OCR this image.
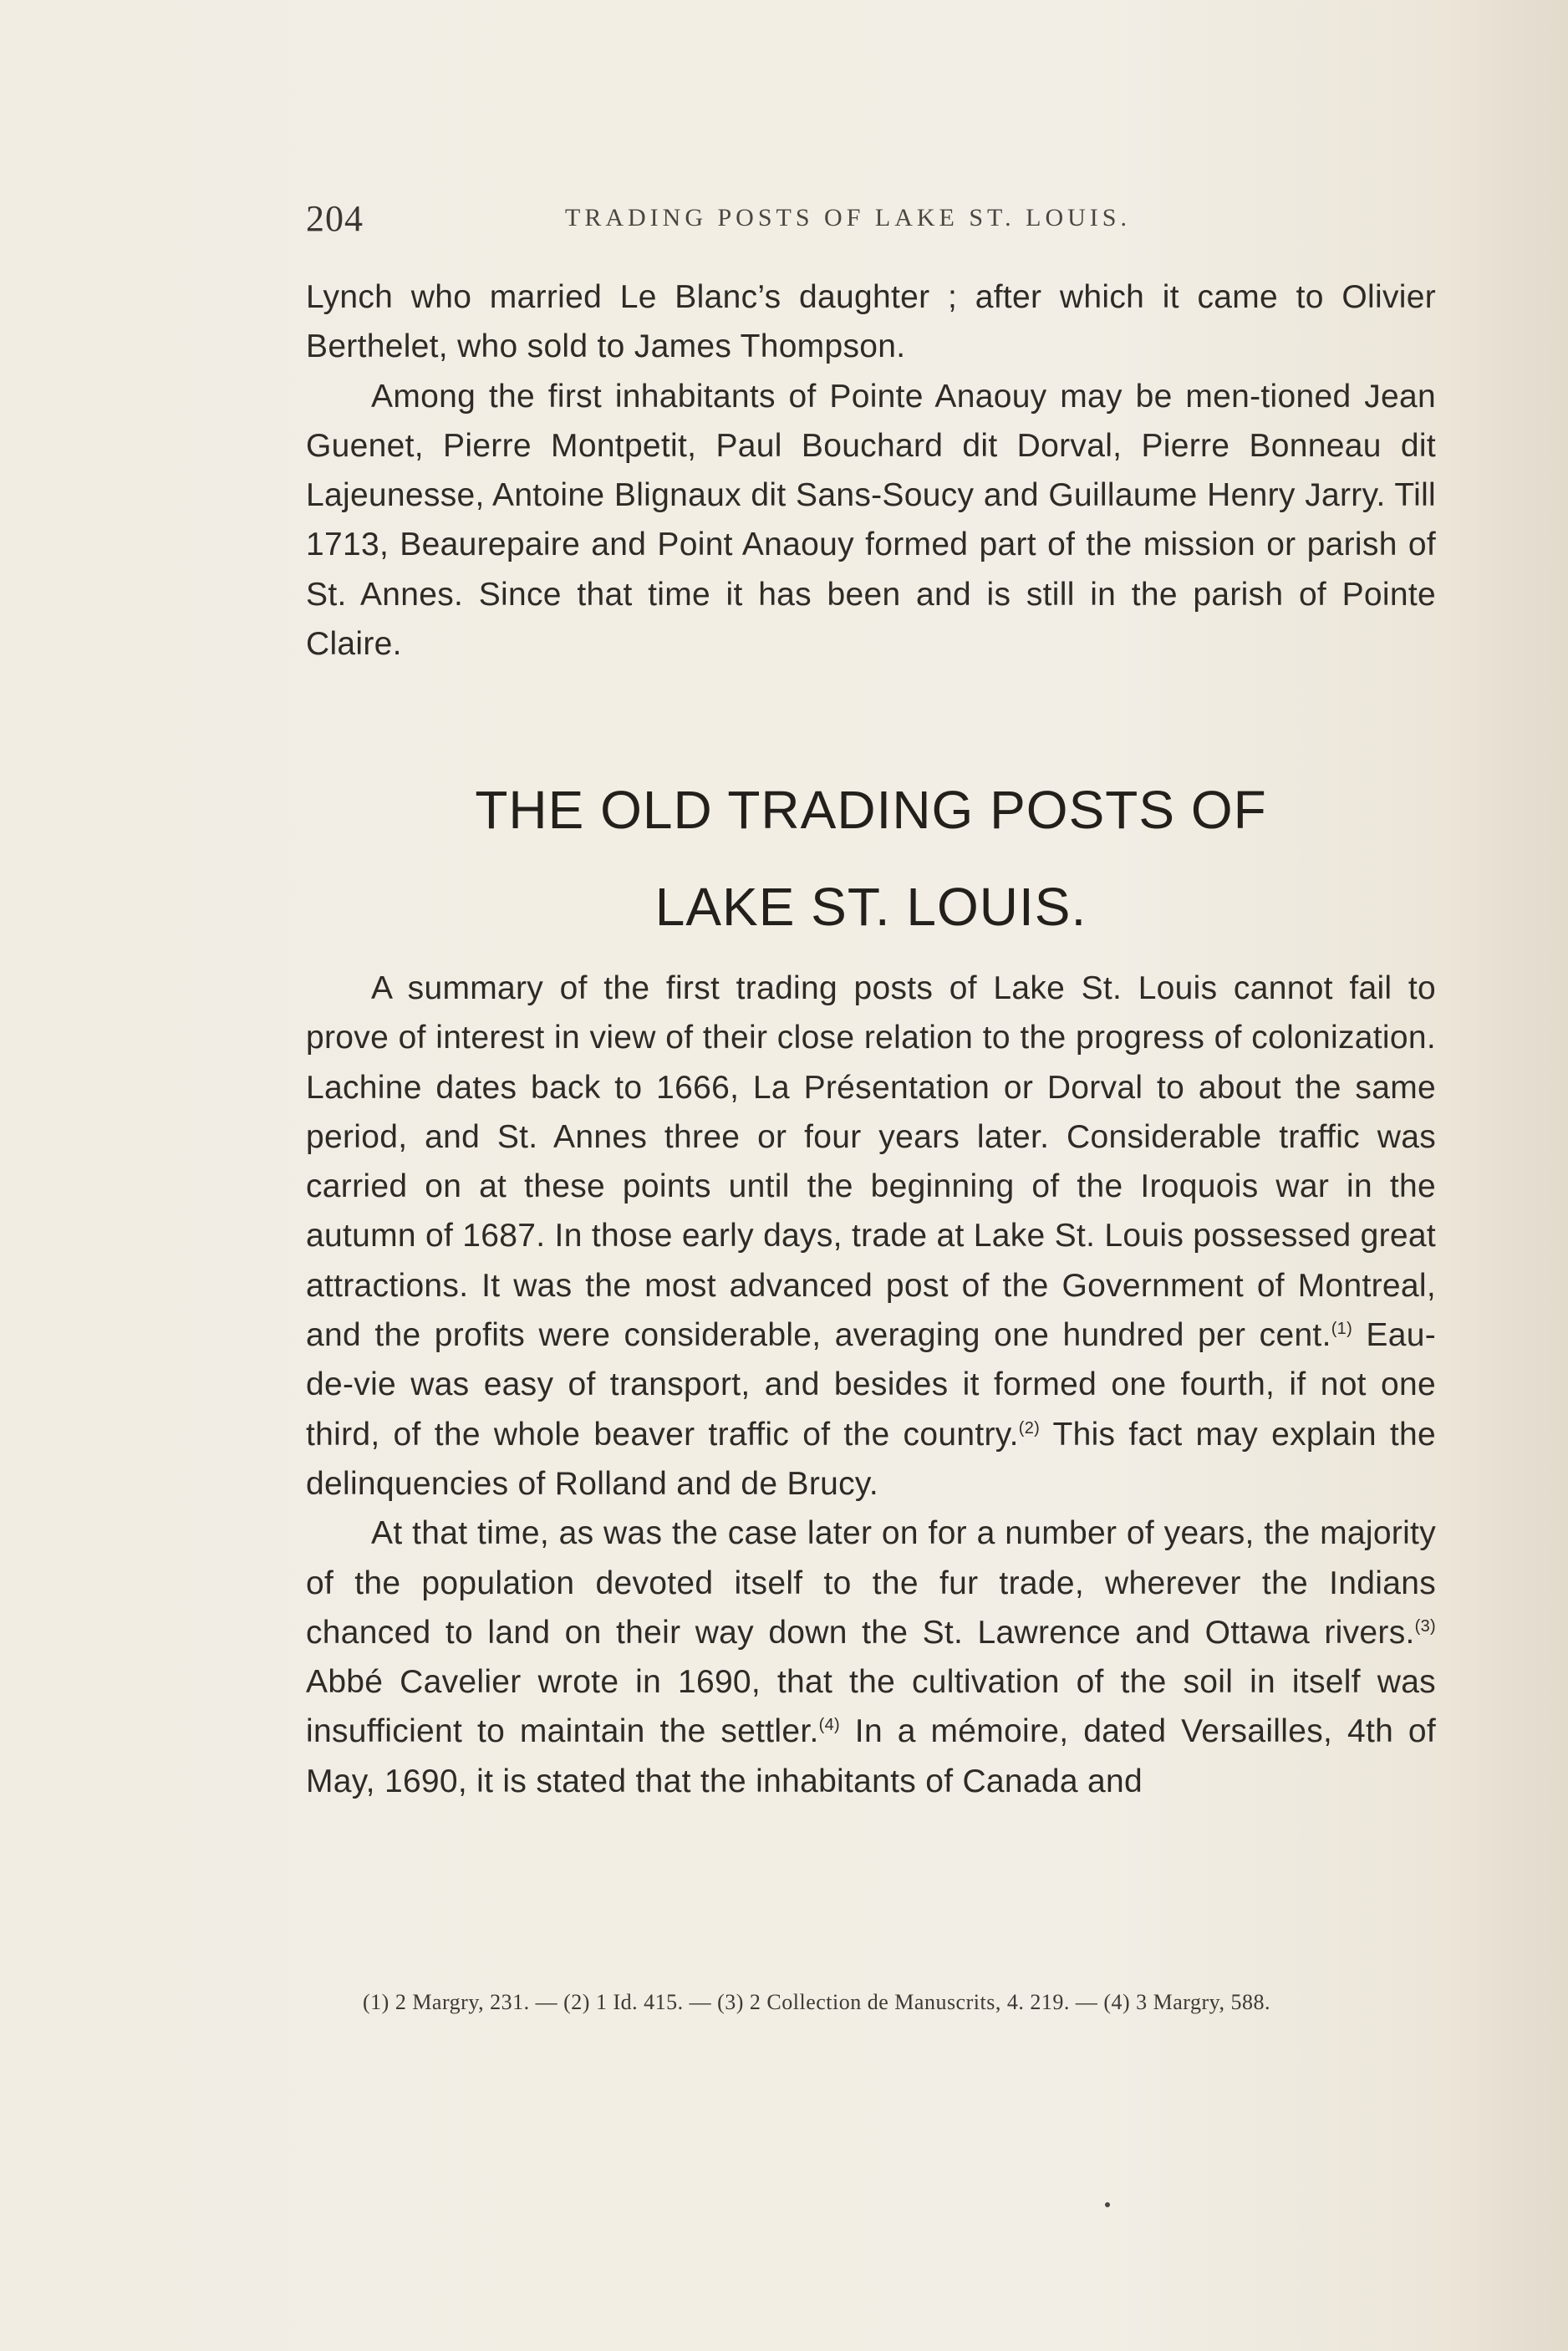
204	TRADING POSTS OF LAKE ST. LOUIS.

Lynch who married Le Blanc’s daughter ; after which it came to Olivier Berthelet, who sold to James Thompson.

Among the first inhabitants of Pointe Anaouy may be men-tioned Jean Guenet, Pierre Montpetit, Paul Bouchard dit Dorval, Pierre Bonneau dit Lajeunesse, Antoine Blignaux dit Sans-Soucy and Guillaume Henry Jarry. Till 1713, Beaurepaire and Point Anaouy formed part of the mission or parish of St. Annes. Since that time it has been and is still in the parish of Pointe Claire.

THE OLD TRADING POSTS OF
LAKE ST. LOUIS.

A summary of the first trading posts of Lake St. Louis cannot fail to prove of interest in view of their close relation to the progress of colonization. Lachine dates back to 1666, La Présentation or Dorval to about the same period, and St. Annes three or four years later. Considerable traffic was carried on at these points until the beginning of the Iroquois war in the autumn of 1687. In those early days, trade at Lake St. Louis possessed great attractions. It was the most advanced post of the Government of Montreal, and the profits were considerable, averaging one hundred per cent.$^{(1)}$ Eau-de-vie was easy of transport, and besides it formed one fourth, if not one third, of the whole beaver traffic of the country.$^{(2)}$ This fact may explain the delinquencies of Rolland and de Brucy.

At that time, as was the case later on for a number of years, the majority of the population devoted itself to the fur trade, wherever the Indians chanced to land on their way down the St. Lawrence and Ottawa rivers.$^{(3)}$ Abbé Cavelier wrote in 1690, that the cultivation of the soil in itself was insufficient to maintain the settler.$^{(4)}$ In a mémoire, dated Versailles, 4th of May, 1690, it is stated that the inhabitants of Canada and

(1) 2 Margry, 231. — (2) 1 Id. 415. — (3) 2 Collection de Manuscrits, 4. 219. — (4) 3 Margry, 588.
